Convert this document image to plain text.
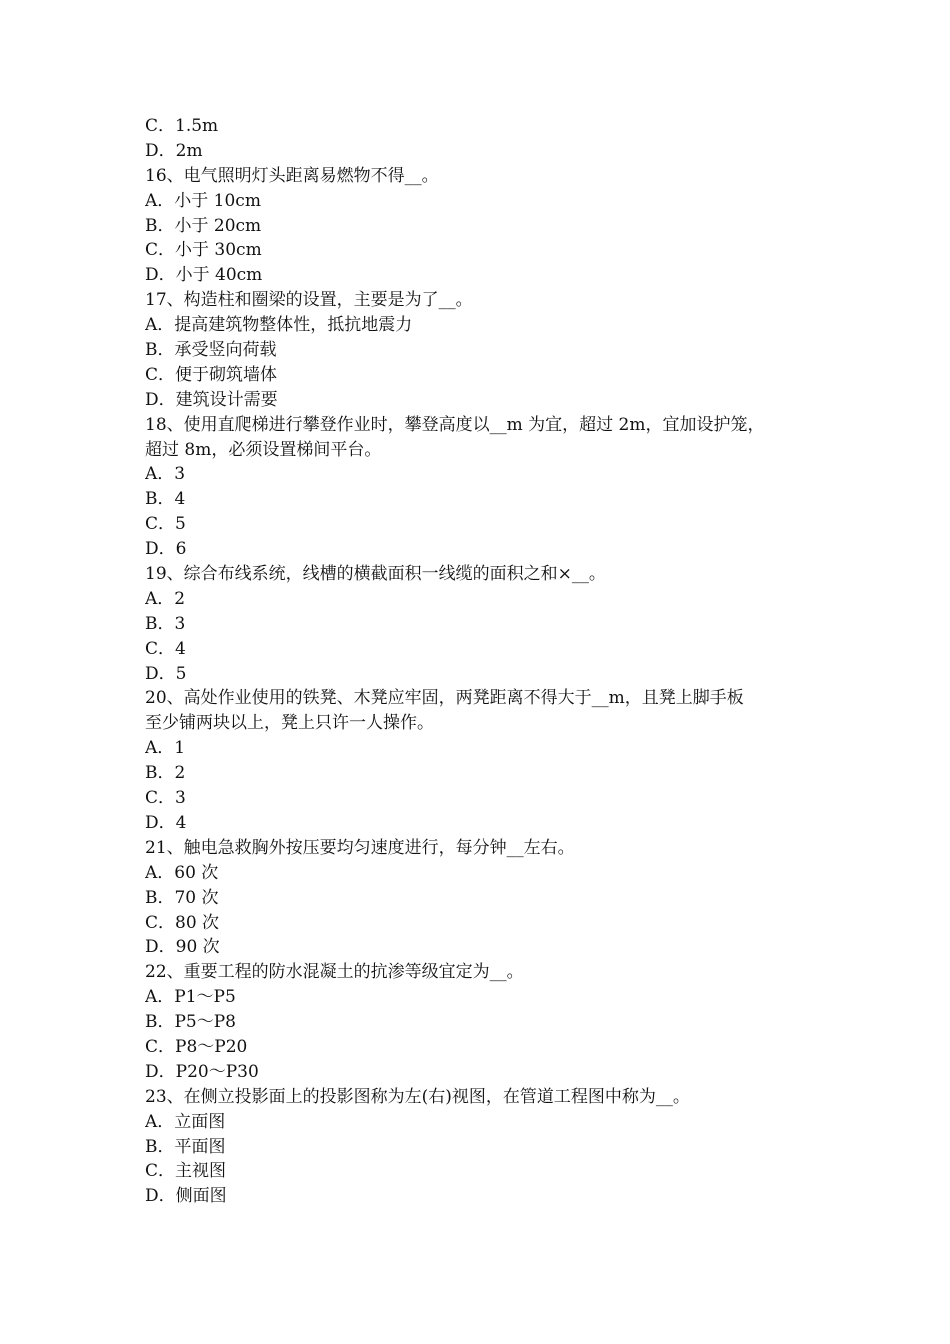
C．1.5m
D．2m
16、电气照明灯头距离易燃物不得__。
A．小于 10cm
B．小于 20cm
C．小于 30cm
D．小于 40cm
17、构造柱和圈梁的设置，主要是为了__。
A．提高建筑物整体性，抵抗地震力
B．承受竖向荷载
C．便于砌筑墙体
D．建筑设计需要
18、使用直爬梯进行攀登作业时，攀登高度以__m 为宜，超过 2m，宜加设护笼，
超过 8m，必须设置梯间平台。
A．3
B．4
C．5
D．6
19、综合布线系统，线槽的横截面积一线缆的面积之和×__。
A．2
B．3
C．4
D．5
20、高处作业使用的铁凳、木凳应牢固，两凳距离不得大于__m，且凳上脚手板
至少铺两块以上，凳上只许一人操作。
A．1
B．2
C．3
D．4
21、触电急救胸外按压要均匀速度进行，每分钟__左右。
A．60 次
B．70 次
C．80 次
D．90 次
22、重要工程的防水混凝土的抗渗等级宜定为__。
A．P1～P5
B．P5～P8
C．P8～P20
D．P20～P30
23、在侧立投影面上的投影图称为左(右)视图，在管道工程图中称为__。
A．立面图
B．平面图
C．主视图
D．侧面图
